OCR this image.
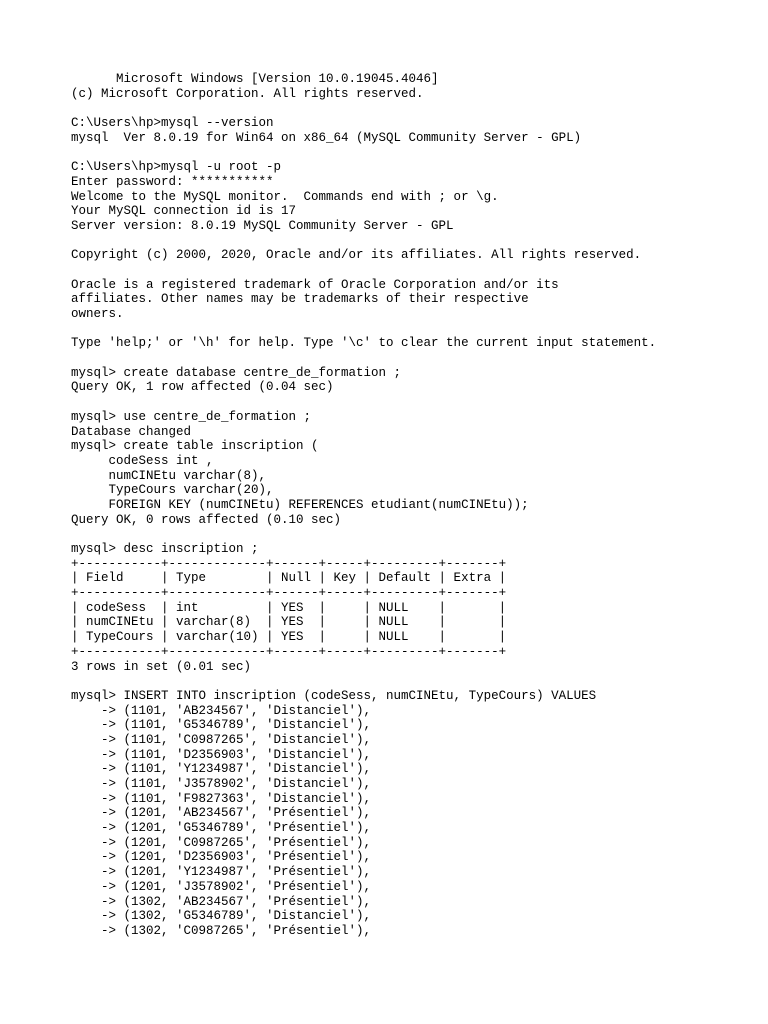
Microsoft Windows [Version 10.0.19045.4046]
(c) Microsoft Corporation. All rights reserved.
C:\Users\hp>mysql --version
mysql  Ver 8.0.19 for Win64 on x86_64 (MySQL Community Server - GPL)
C:\Users\hp>mysql -u root -p
Enter password: ***********
Welcome to the MySQL monitor.  Commands end with ; or \g.
Your MySQL connection id is 17
Server version: 8.0.19 MySQL Community Server - GPL
Copyright (c) 2000, 2020, Oracle and/or its affiliates. All rights reserved.
Oracle is a registered trademark of Oracle Corporation and/or its
affiliates. Other names may be trademarks of their respective
owners.
Type 'help;' or '\h' for help. Type '\c' to clear the current input statement.
mysql> create database centre_de_formation ;
Query OK, 1 row affected (0.04 sec)
mysql> use centre_de_formation ;
Database changed
mysql> create table inscription (
codeSess int ,
numCINEtu varchar(8),
TypeCours varchar(20),
FOREIGN KEY (numCINEtu) REFERENCES etudiant(numCINEtu));
Query OK, 0 rows affected (0.10 sec)
mysql> desc inscription ;
+-----------+-------------+------+-----+---------+-------+
| Field     | Type        | Null | Key | Default | Extra |
+-----------+-------------+------+-----+---------+-------+
| codeSess  | int         | YES  |     | NULL    |       |
| numCINEtu | varchar(8)  | YES  |     | NULL    |       |
| TypeCours | varchar(10) | YES  |     | NULL    |       |
+-----------+-------------+------+-----+---------+-------+
3 rows in set (0.01 sec)
mysql> INSERT INTO inscription (codeSess, numCINEtu, TypeCours) VALUES
-> (1101, 'AB234567', 'Distanciel'),
-> (1101, 'G5346789', 'Distanciel'),
-> (1101, 'C0987265', 'Distanciel'),
-> (1101, 'D2356903', 'Distanciel'),
-> (1101, 'Y1234987', 'Distanciel'),
-> (1101, 'J3578902', 'Distanciel'),
-> (1101, 'F9827363', 'Distanciel'),
-> (1201, 'AB234567', 'Présentiel'),
-> (1201, 'G5346789', 'Présentiel'),
-> (1201, 'C0987265', 'Présentiel'),
-> (1201, 'D2356903', 'Présentiel'),
-> (1201, 'Y1234987', 'Présentiel'),
-> (1201, 'J3578902', 'Présentiel'),
-> (1302, 'AB234567', 'Présentiel'),
-> (1302, 'G5346789', 'Distanciel'),
-> (1302, 'C0987265', 'Présentiel'),
